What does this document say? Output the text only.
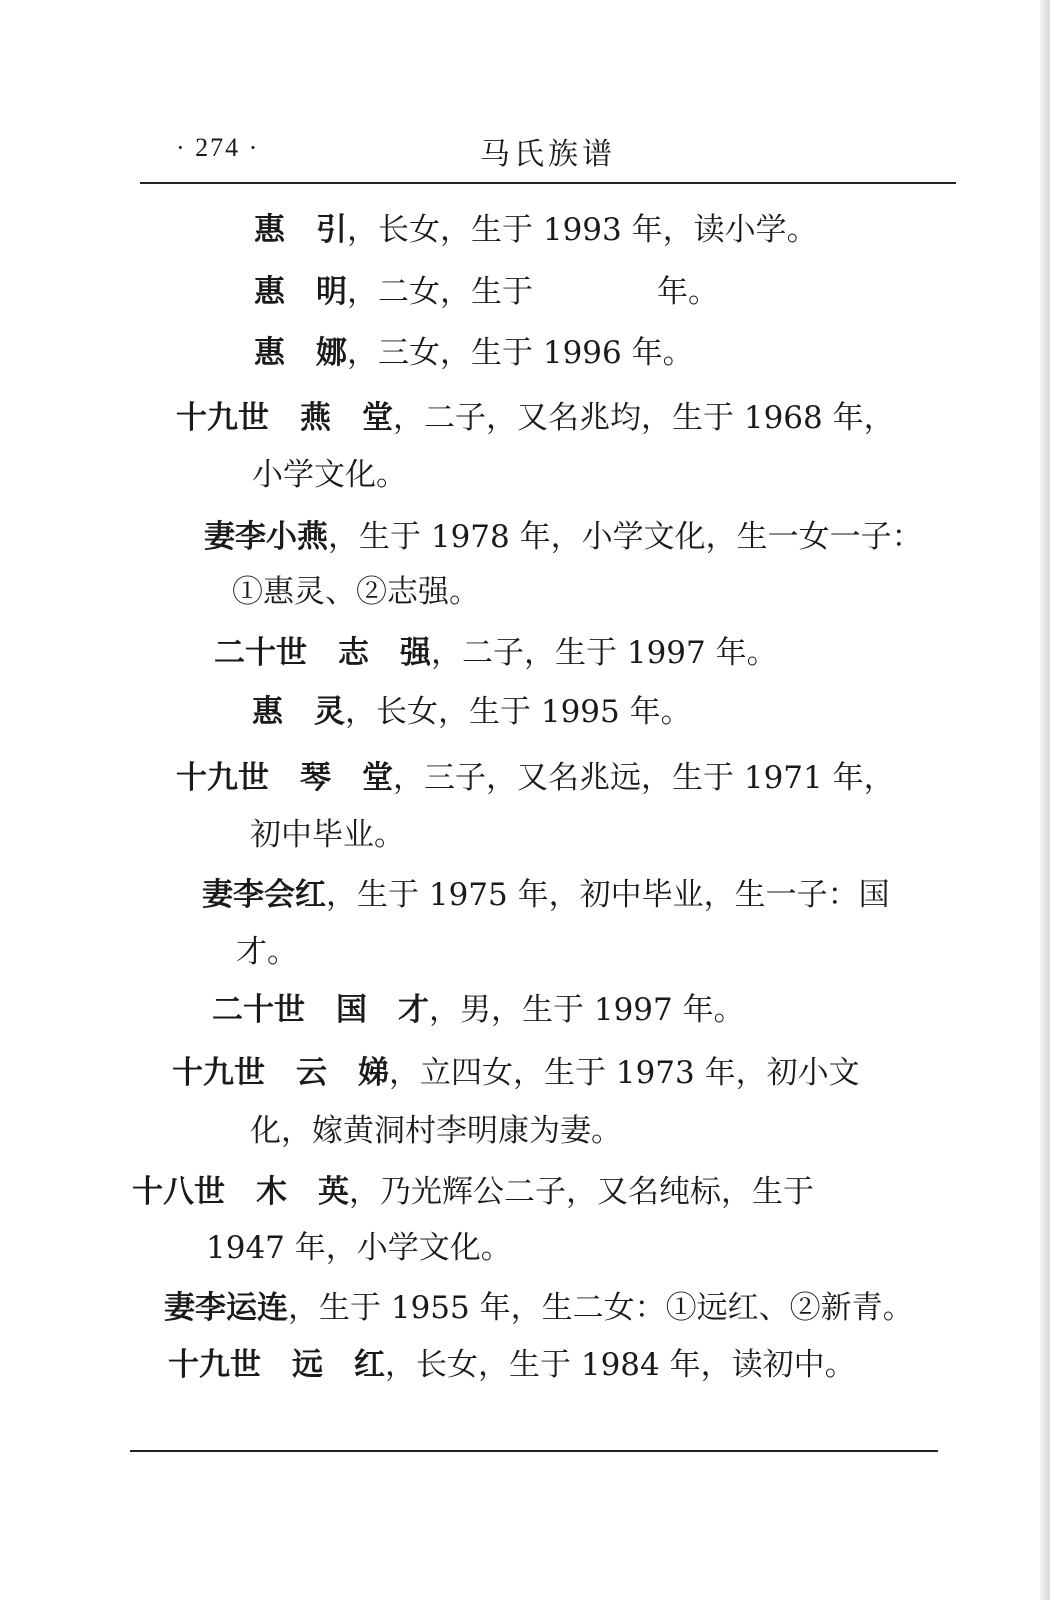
· 274 ·	马氏族谱
惠　引，长女，生于 1993 年，读小学。
惠　明，二女，生于　　　　年。
惠　娜，三女，生于 1996 年。
十九世　 燕　堂，二子，又名兆均，生于 1968 年，
小学文化。
妻李小燕，生于 1978 年，小学文化，生一女一子：
①惠灵、②志强。
二十世　 志　强，二子，生于 1997 年。
惠　灵，长女，生于 1995 年。
十九世　 琴　堂，三子，又名兆远，生于 1971 年，
初中毕业。
妻李会红，生于 1975 年，初中毕业，生一子：国
才。
二十世　 国　才，男，生于 1997 年。
十九世　 云　娣，立四女，生于 1973 年，初小文
化，嫁黄洞村李明康为妻。
十八世　 木　英，乃光辉公二子，又名纯标，生于
1947 年，小学文化。
妻李运连，生于 1955 年，生二女：①远红、②新青。
十九世　 远　红，长女，生于 1984 年，读初中。
